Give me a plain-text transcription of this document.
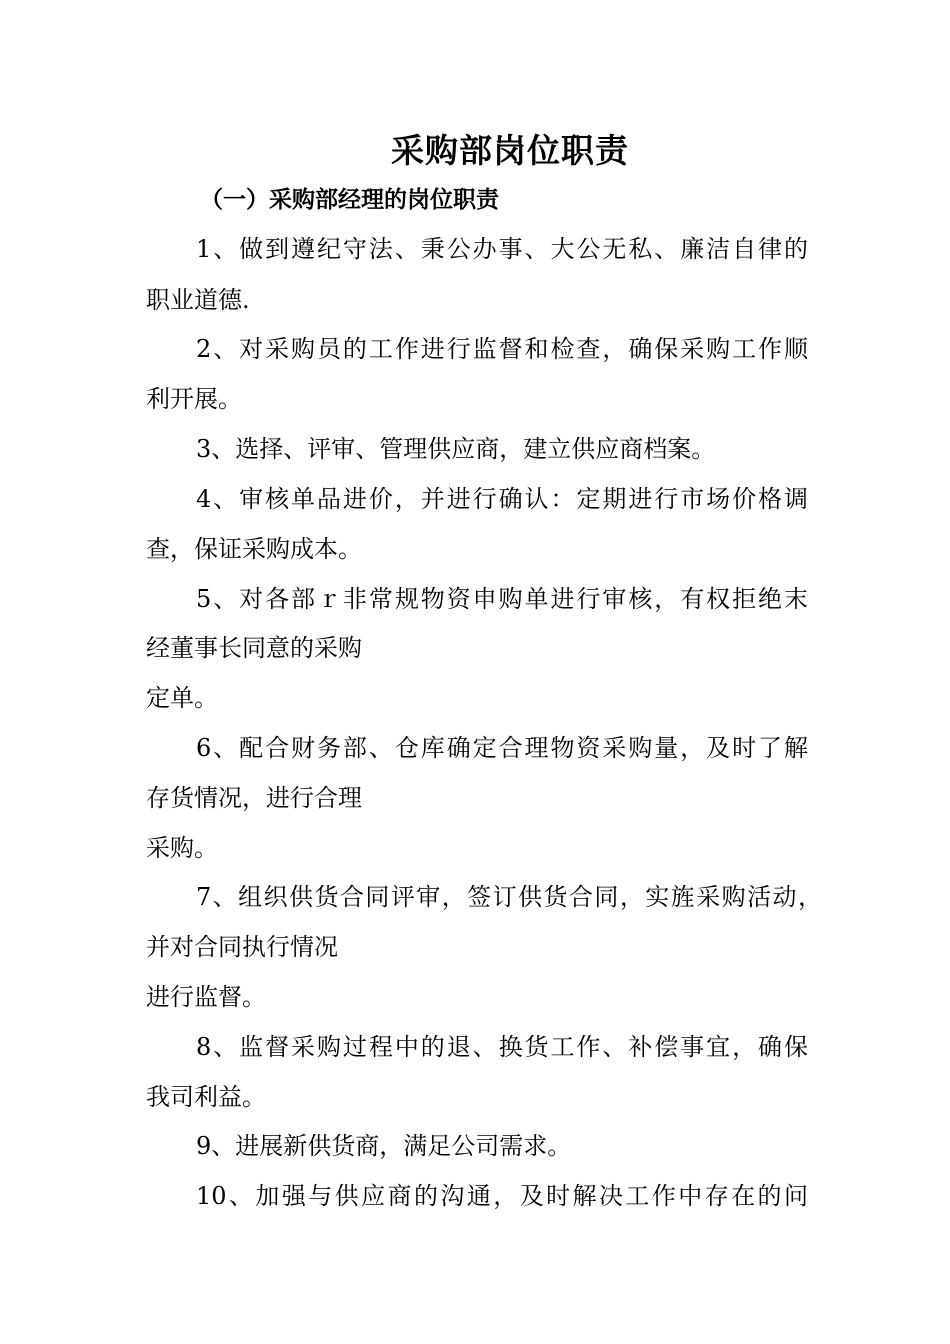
采购部岗位职责
（一）采购部经理的岗位职责
1、做到遵纪守法、秉公办事、大公无私、廉洁自律的
职业道德.
2、对采购员的工作进行监督和检查，确保采购工作顺
利开展。
3、选择、评审、管理供应商，建立供应商档案。
4、审核单品进价，并进行确认：定期进行市场价格调
查，保证采购成本。
5、对各部ｒ非常规物资申购单进行审核，有权拒绝末
经董事长同意的采购
定单。
6、配合财务部、仓库确定合理物资采购量，及时了解
存货情况，进行合理
采购。
7、组织供货合同评审，签订供货合同，实旌采购活动，
并对合同执行情况
进行监督。
8、监督采购过程中的退、换货工作、补偿事宜，确保
我司利益。
9、进展新供货商，满足公司需求。
10、加强与供应商的沟通，及时解决工作中存在的问
